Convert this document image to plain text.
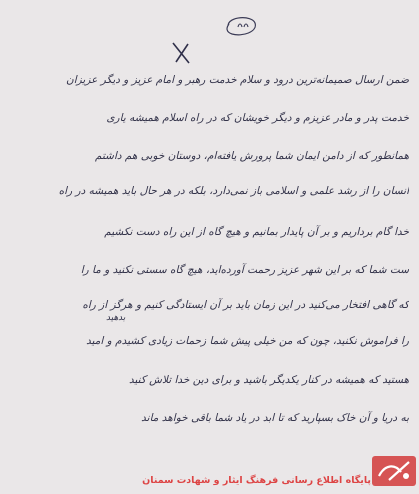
ضمن ارسال صمیمانه‌ترین درود و سلام خدمت رهبر و امام عزیز و دیگر عزیزان
خدمت پدر و مادر عزیزم و دیگر خویشان که در راه اسلام همیشه یاری
همانطور که از دامن ایمان شما پرورش یافته‌ام، دوستان خوبی هم داشتم
انسان را از رشد علمی و اسلامی باز نمی‌دارد، بلکه در هر حال باید همیشه در راه
خدا گام برداریم و بر آن پایدار بمانیم و هیچ گاه از این راه دست نکشیم
ست شما که بر این شهر عزیز رحمت آورده‌اید، هیچ گاه سستی نکنید و ما را
که گاهی افتخار می‌کنید در این زمان باید بر آن ایستادگی کنیم و هرگز از راه
بدهید
را فراموش نکنید، چون که من خیلی پیش شما زحمات زیادی کشیدم و امید
هستید که همیشه در کنار یکدیگر باشید و برای دین خدا تلاش کنید
به دریا و آن خاک بسپارید که تا ابد در یاد شما باقی خواهد ماند
پایگاه اطلاع رسانی فرهنگ ایثار و شهادت سمنان
